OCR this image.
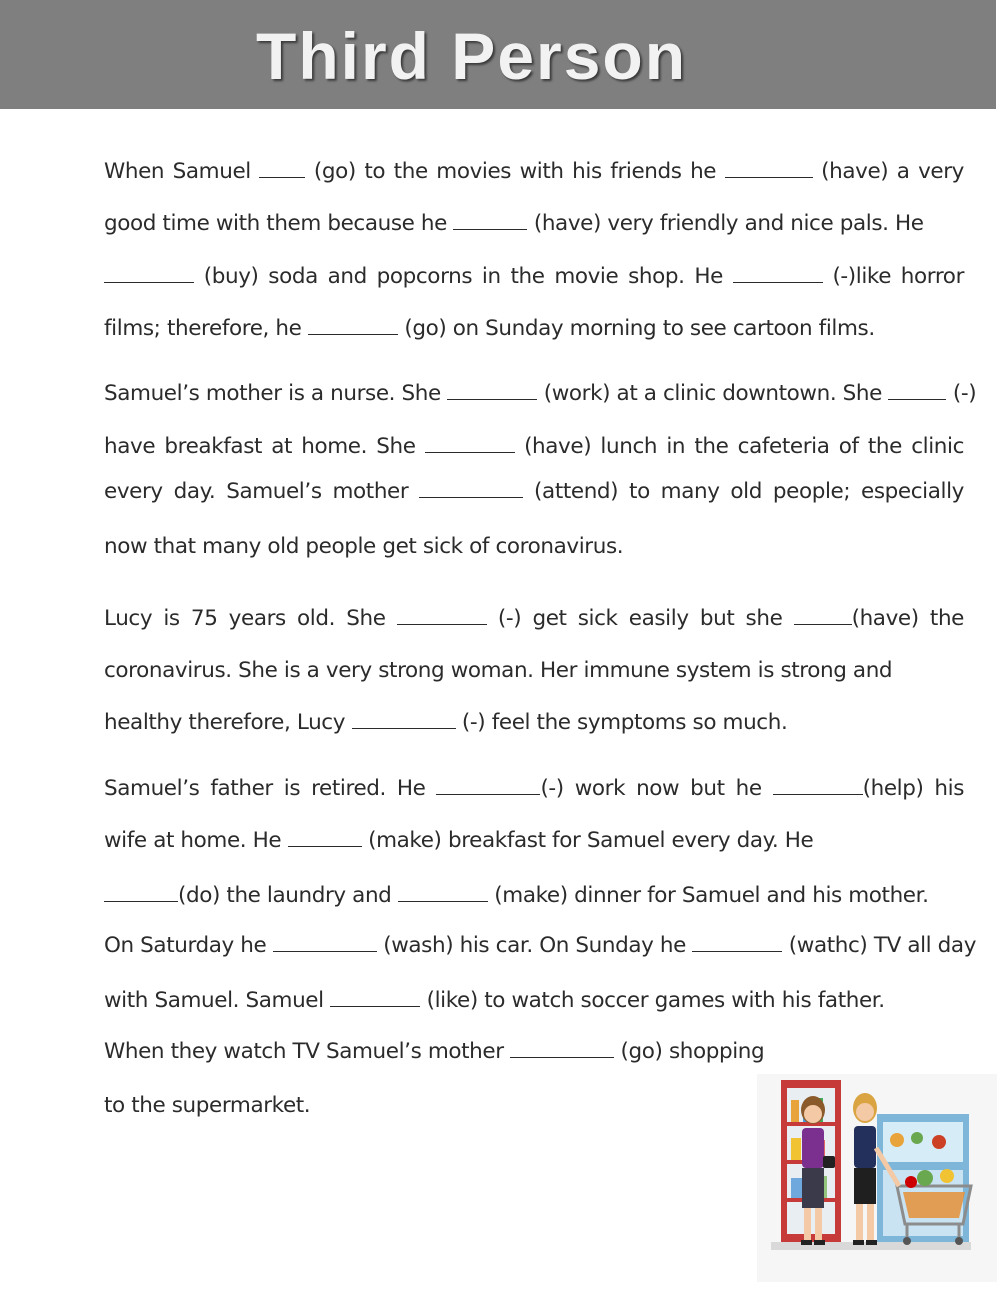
Third Person
When Samuel  (go) to the movies with his friends he	(have) a very
good time with them because he	(have) very friendly and nice pals. He
(buy) soda and popcorns in the movie shop. He	(-)like horror
films; therefore, he	(go) on Sunday morning to see cartoon films.
Samuel’s mother is a nurse. She	(work) at a clinic downtown. She	(-)
have breakfast at home. She	(have) lunch in the cafeteria of the clinic
every day. Samuel’s mother	(attend) to many old people; especially
now that many old people get sick of coronavirus.
Lucy is 75 years old. She	(-) get sick easily but she	(have) the
coronavirus. She is a very strong woman. Her immune system is strong and
healthy therefore, Lucy	(-) feel the symptoms so much.
Samuel’s father is retired. He	(-) work now but he	(help) his
wife at home. He	(make) breakfast for Samuel every day. He
(do) the laundry and	(make) dinner for Samuel and his mother.
On Saturday he	(wash) his car. On Sunday he	(wathc) TV all day
with Samuel. Samuel	(like) to watch soccer games with his father.
When they watch TV Samuel’s mother	(go) shopping
to the supermarket.
